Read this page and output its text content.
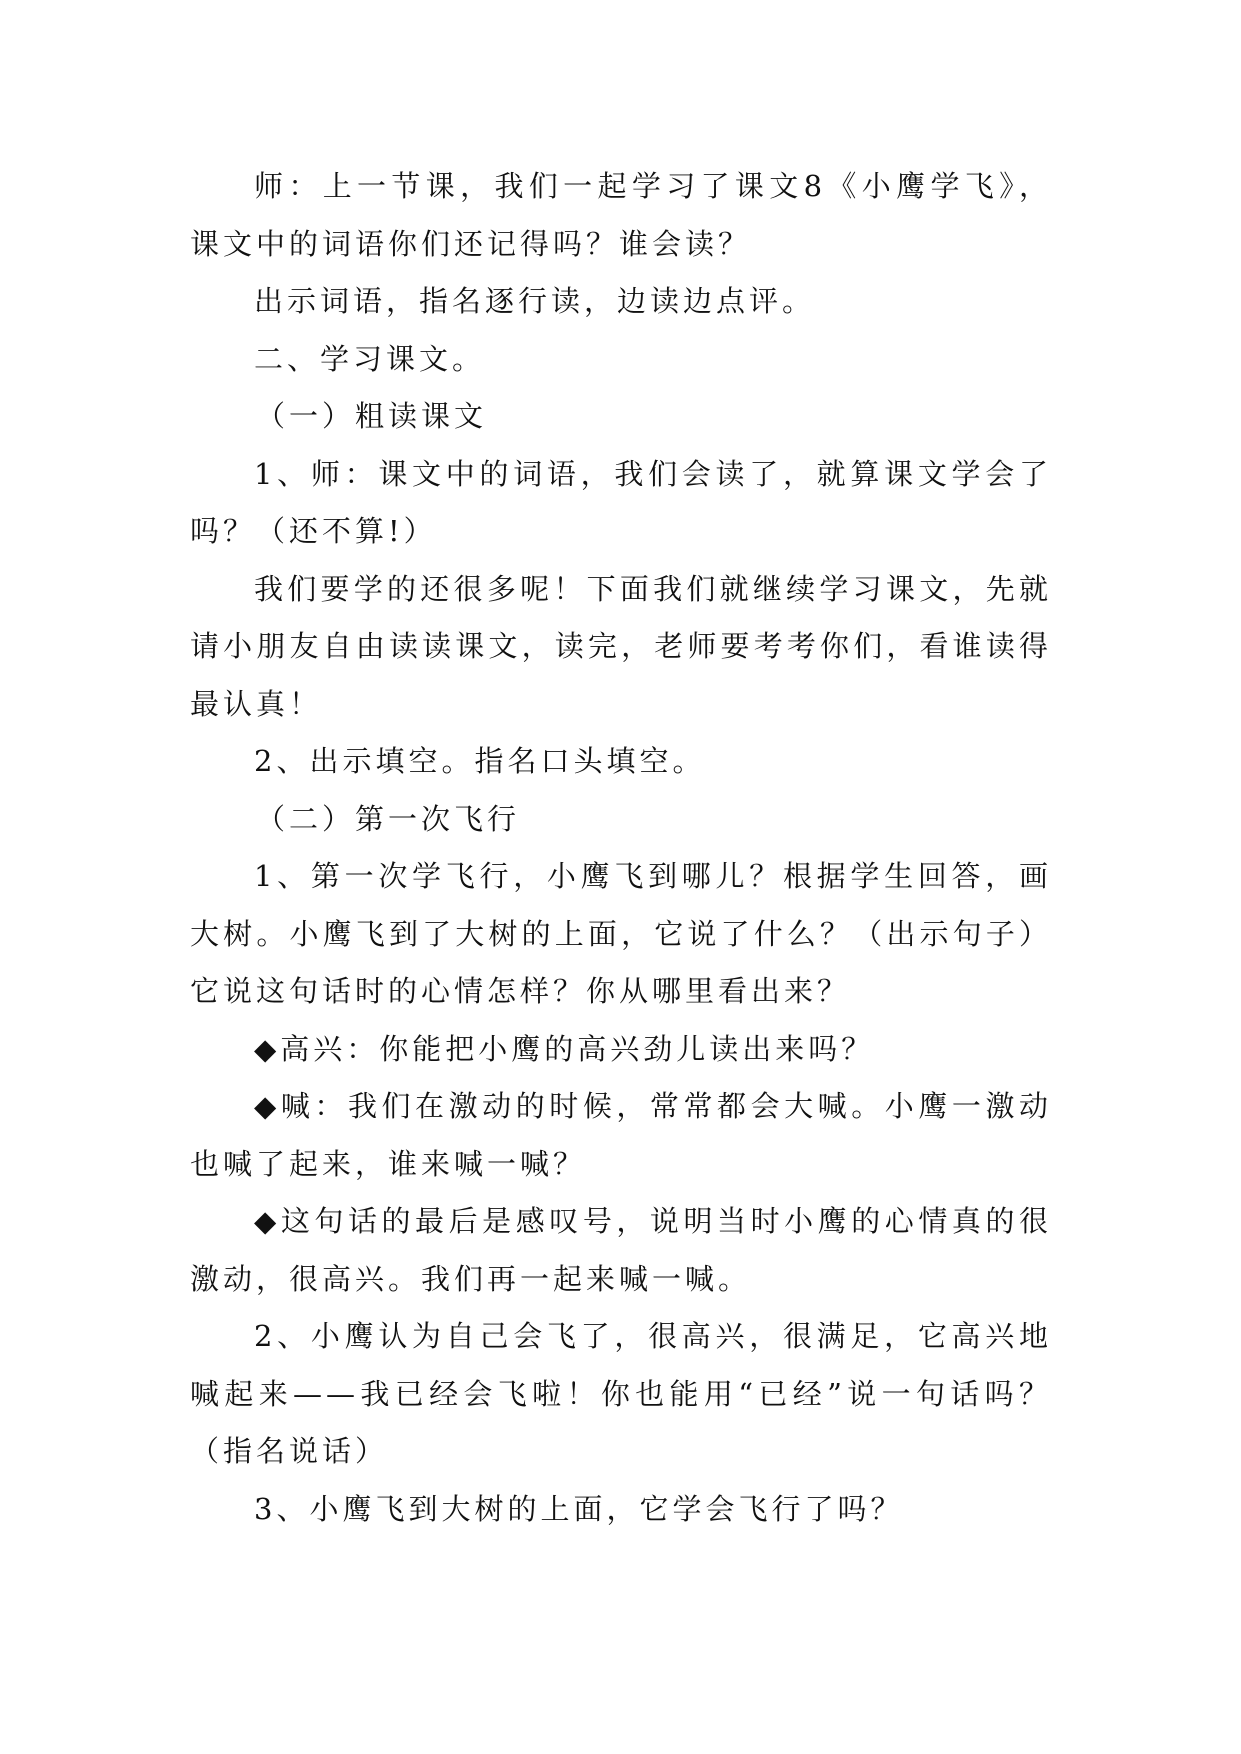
师：上一节课，我们一起学习了课文8《小鹰学飞》，课文中的词语你们还记得吗？谁会读？

出示词语，指名逐行读，边读边点评。

二、学习课文。

（一）粗读课文

1、师：课文中的词语，我们会读了，就算课文学会了吗？（还不算!）

我们要学的还很多呢！下面我们就继续学习课文，先就请小朋友自由读读课文，读完，老师要考考你们，看谁读得最认真！

2、出示填空。指名口头填空。

（二）第一次飞行

1、第一次学飞行，小鹰飞到哪儿？根据学生回答，画大树。小鹰飞到了大树的上面，它说了什么？（出示句子）它说这句话时的心情怎样？你从哪里看出来？

◆高兴：你能把小鹰的高兴劲儿读出来吗？

◆喊：我们在激动的时候，常常都会大喊。小鹰一激动也喊了起来，谁来喊一喊？

◆这句话的最后是感叹号，说明当时小鹰的心情真的很激动，很高兴。我们再一起来喊一喊。

2、小鹰认为自己会飞了，很高兴，很满足，它高兴地喊起来——我已经会飞啦！你也能用“已经”说一句话吗？（指名说话）

3、小鹰飞到大树的上面，它学会飞行了吗？
